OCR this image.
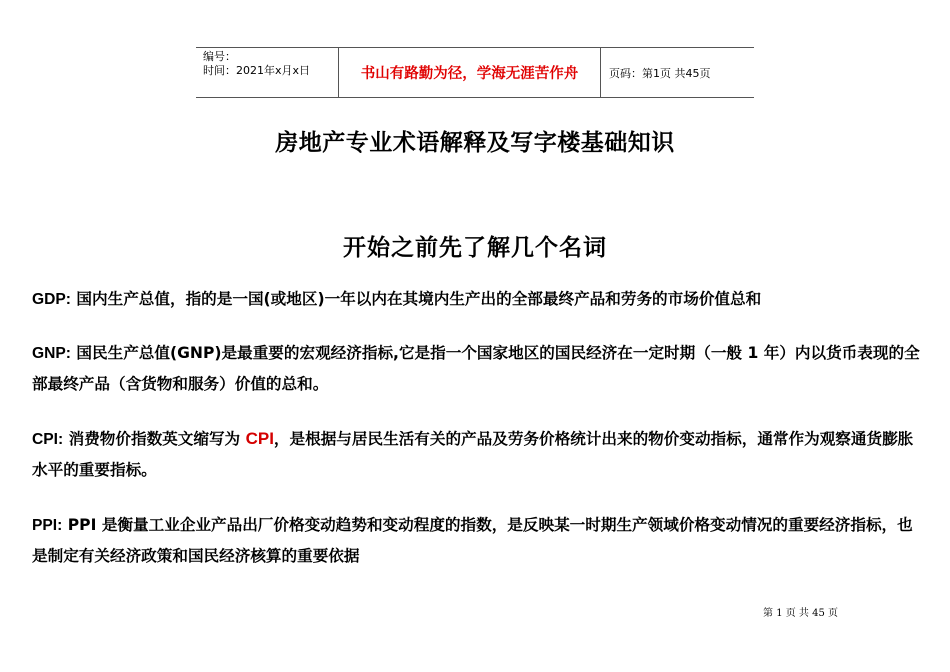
编号：
时间：2021年x月x日	书山有路勤为径，学海无涯苦作舟	页码：第1页 共45页
房地产专业术语解释及写字楼基础知识
开始之前先了解几个名词
GDP: 国内生产总值，指的是一国(或地区)一年以内在其境内生产出的全部最终产品和劳务的市场价值总和
GNP: 国民生产总值(GNP)是最重要的宏观经济指标,它是指一个国家地区的国民经济在一定时期（一般 1 年）内以货币表现的全部最终产品（含货物和服务）价值的总和。
CPI: 消费物价指数英文缩写为 CPI，是根据与居民生活有关的产品及劳务价格统计出来的物价变动指标，通常作为观察通货膨胀水平的重要指标。
PPI: PPI 是衡量工业企业产品出厂价格变动趋势和变动程度的指数，是反映某一时期生产领域价格变动情况的重要经济指标，也是制定有关经济政策和国民经济核算的重要依据
第 1 页 共 45 页
